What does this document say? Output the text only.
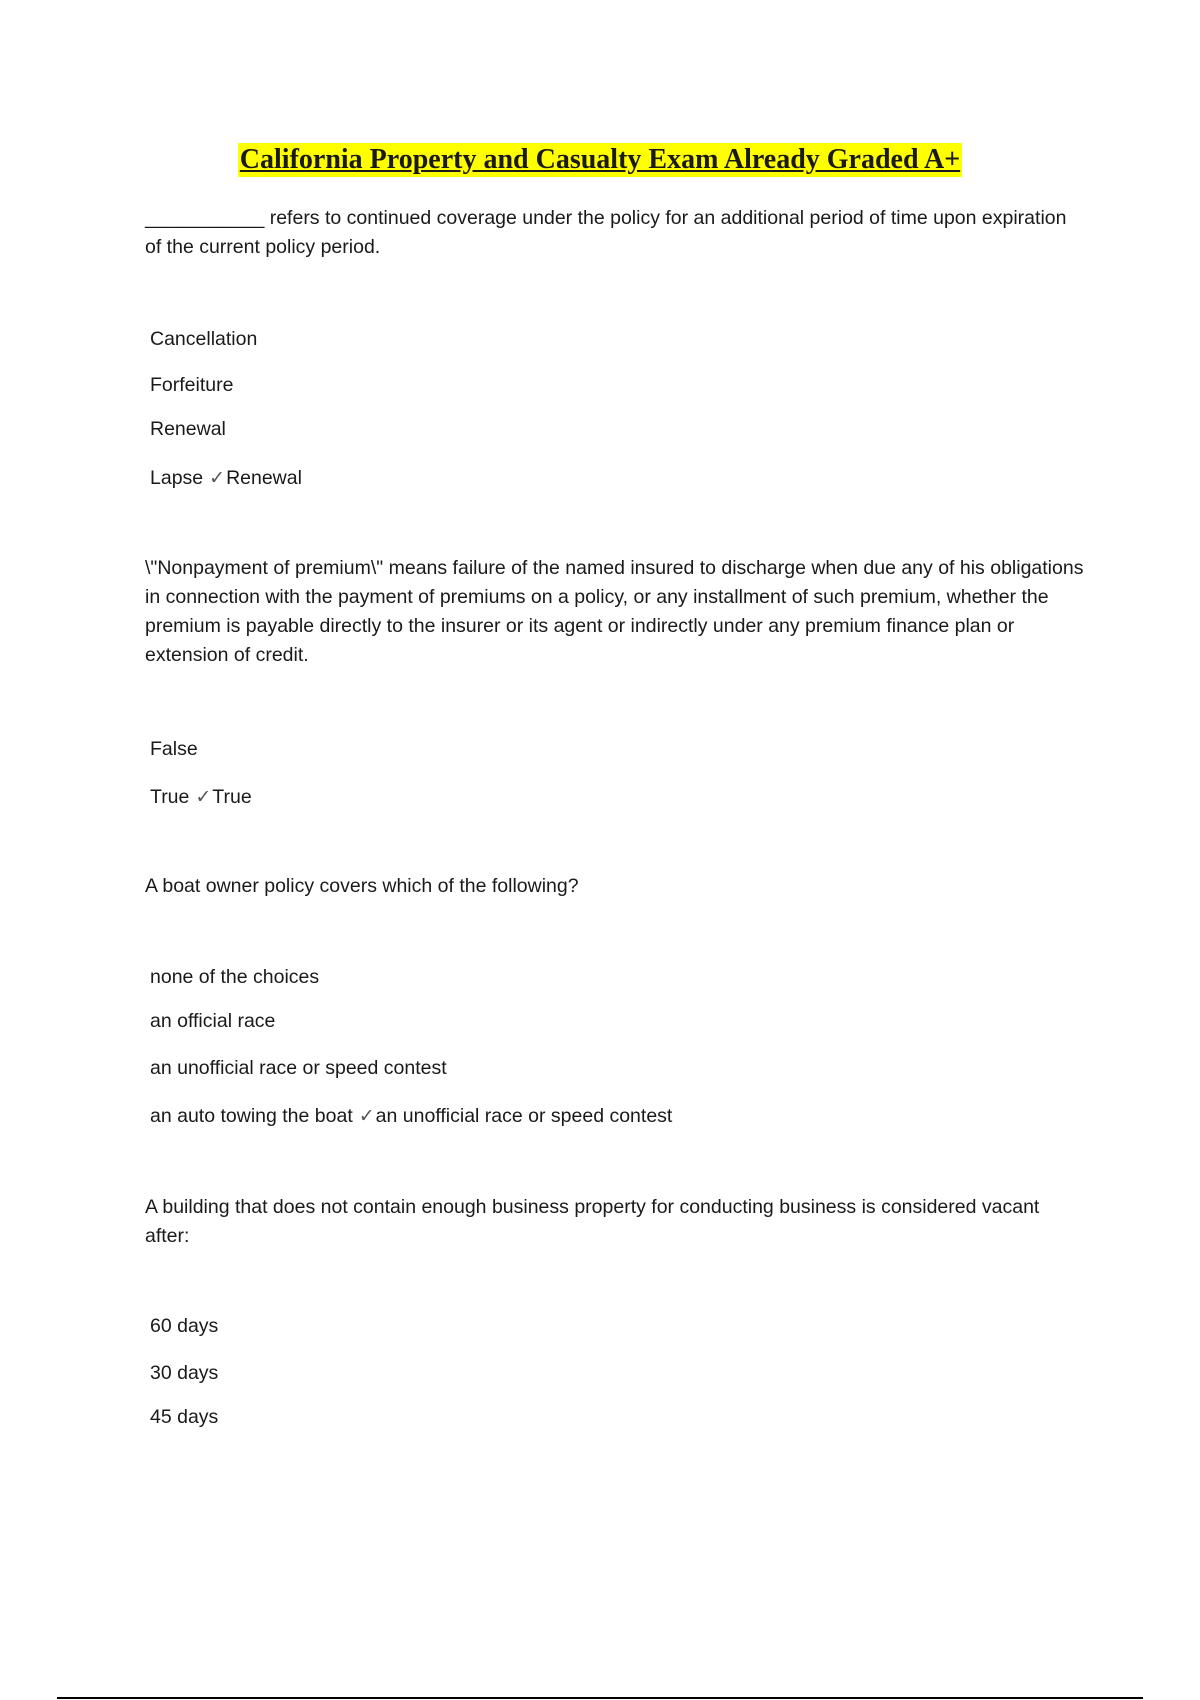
California Property and Casualty Exam Already Graded A+
___________ refers to continued coverage under the policy for an additional period of time upon expiration of the current policy period.
Cancellation
Forfeiture
Renewal
Lapse ✓Renewal
\"Nonpayment of premium\" means failure of the named insured to discharge when due any of his obligations in connection with the payment of premiums on a policy, or any installment of such premium, whether the premium is payable directly to the insurer or its agent or indirectly under any premium finance plan or extension of credit.
False
True ✓True
A boat owner policy covers which of the following?
none of the choices
an official race
an unofficial race or speed contest
an auto towing the boat ✓an unofficial race or speed contest
A building that does not contain enough business property for conducting business is considered vacant after:
60 days
30 days
45 days
